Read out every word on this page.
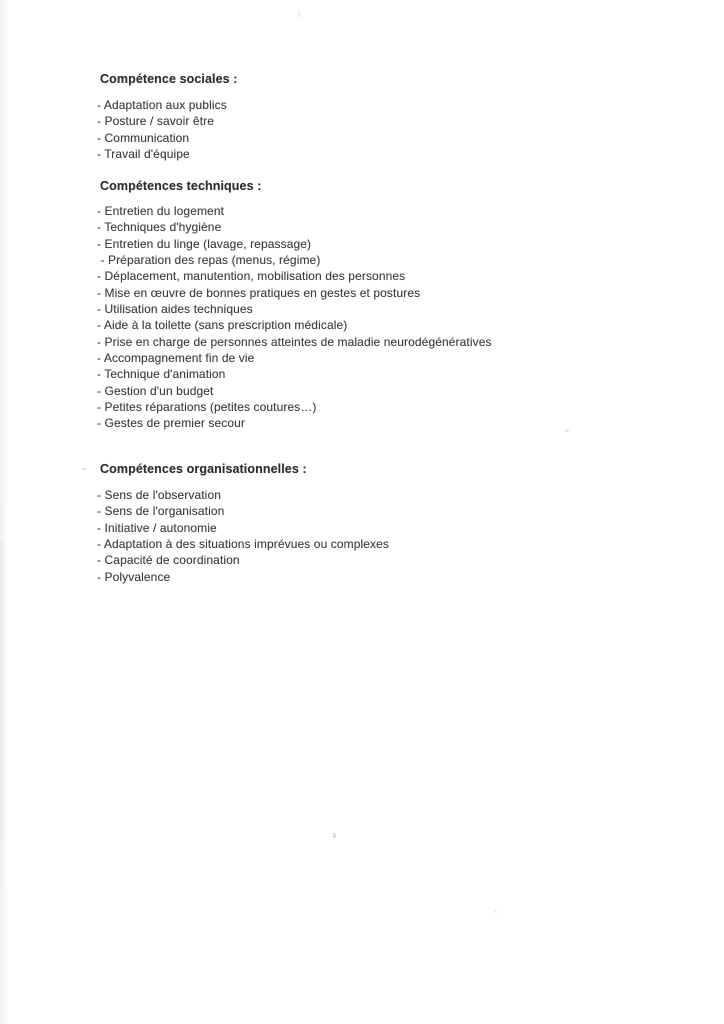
Compétence sociales :
- Adaptation aux publics
- Posture / savoir être
- Communication
- Travail d'équipe
Compétences techniques :
- Entretien du logement
- Techniques d'hygiène
- Entretien du linge (lavage, repassage)
- Préparation des repas (menus, régime)
- Déplacement, manutention, mobilisation des personnes
- Mise en œuvre de bonnes pratiques en gestes et postures
- Utilisation aides techniques
- Aide à la toilette (sans prescription médicale)
- Prise en charge de personnes atteintes de maladie neurodégénératives
- Accompagnement fin de vie
- Technique d'animation
- Gestion d'un budget
- Petites réparations (petites coutures…)
- Gestes de premier secour
Compétences organisationnelles :
- Sens de l'observation
- Sens de l'organisation
- Initiative / autonomie
- Adaptation à des situations imprévues ou complexes
- Capacité de coordination
- Polyvalence
